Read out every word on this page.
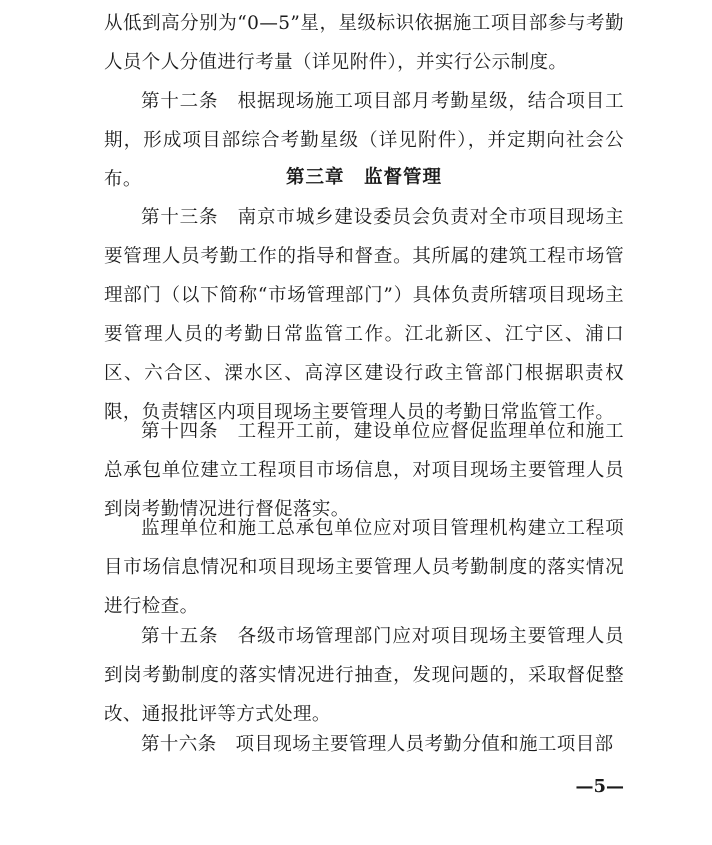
从低到高分别为“0—5”星，星级标识依据施工项目部参与考勤人员个人分值进行考量（详见附件），并实行公示制度。

第十二条　根据现场施工项目部月考勤星级，结合项目工期，形成项目部综合考勤星级（详见附件），并定期向社会公布。	第三章　监督管理

第十三条　南京市城乡建设委员会负责对全市项目现场主要管理人员考勤工作的指导和督查。其所属的建筑工程市场管理部门（以下简称“市场管理部门”）具体负责所辖项目现场主要管理人员的考勤日常监管工作。江北新区、江宁区、浦口区、六合区、溧水区、高淳区建设行政主管部门根据职责权限，负责辖区内项目现场主要管理人员的考勤日常监管工作。

第十四条　工程开工前，建设单位应督促监理单位和施工总承包单位建立工程项目市场信息，对项目现场主要管理人员到岗考勤情况进行督促落实。

监理单位和施工总承包单位应对项目管理机构建立工程项目市场信息情况和项目现场主要管理人员考勤制度的落实情况进行检查。

第十五条　各级市场管理部门应对项目现场主要管理人员到岗考勤制度的落实情况进行抽查，发现问题的，采取督促整改、通报批评等方式处理。

第十六条　项目现场主要管理人员考勤分值和施工项目部

—5—
